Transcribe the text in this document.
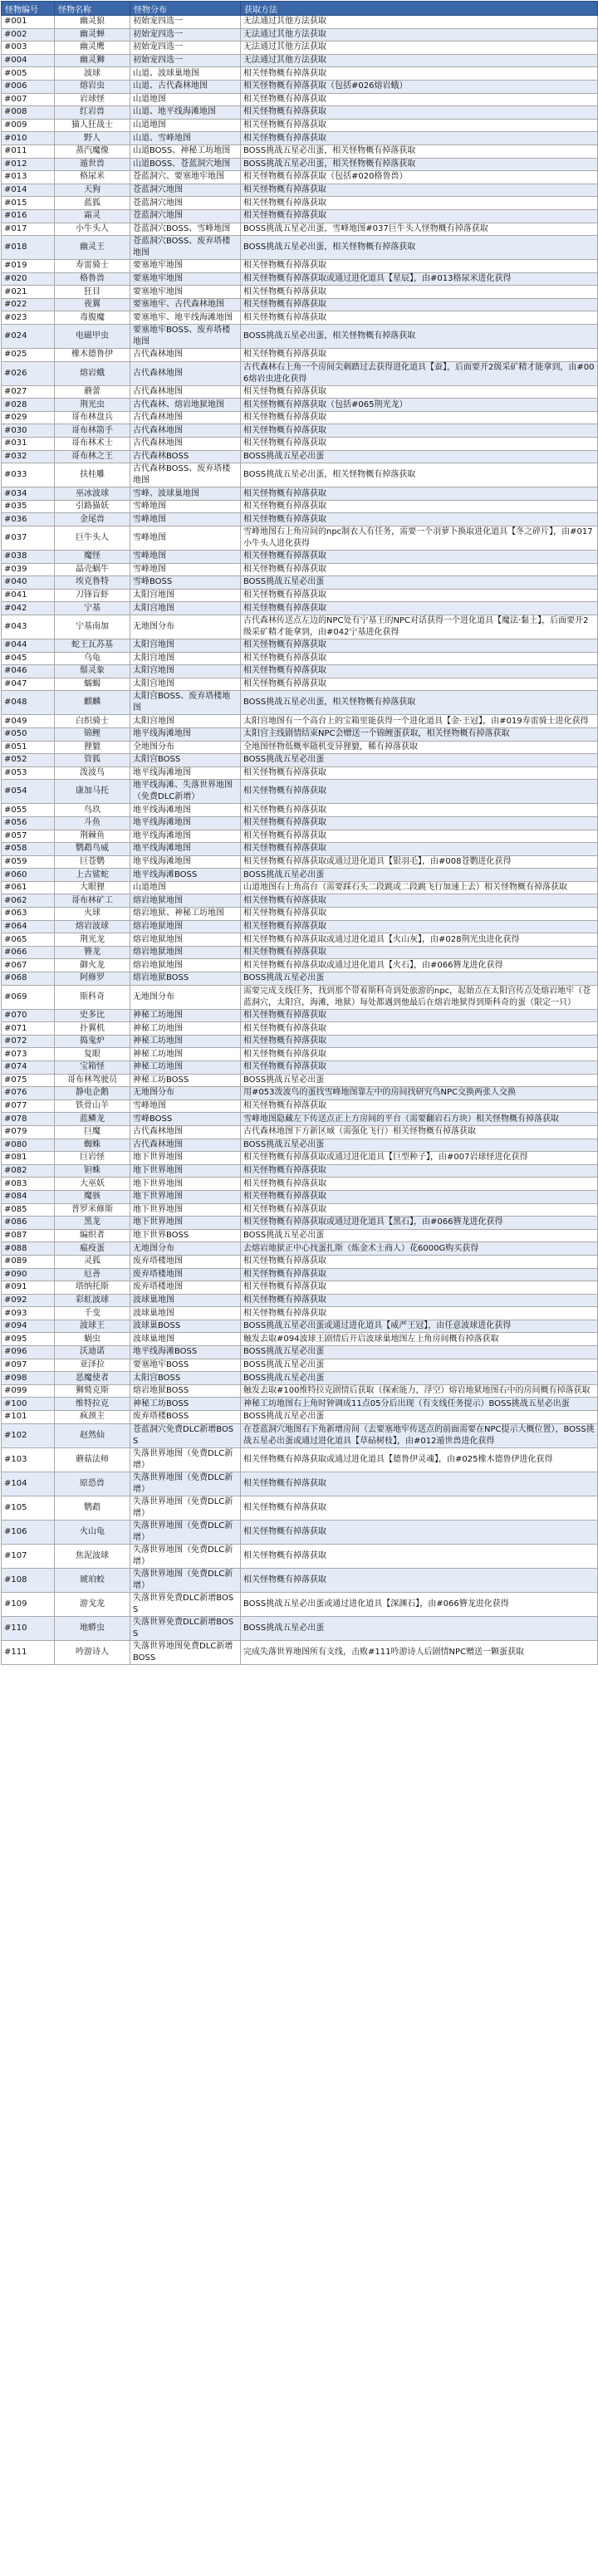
怪物编号	怪物名称	怪物分布	获取方法
#001	幽灵狼	初始宠四选一	无法通过其他方法获取
#002	幽灵蝉	初始宠四选一	无法通过其他方法获取
#003	幽灵鹰	初始宠四选一	无法通过其他方法获取
#004	幽灵狮	初始宠四选一	无法通过其他方法获取
#005	波球	山道、波球巢地图	相关怪物概有掉落获取
#006	熔岩虫	山道、古代森林地图	相关怪物概有掉落获取（包括#026熔岩蛾）
#007	岩球怪	山道地图	相关怪物概有掉落获取
#008	红岩兽	山道、地平线海滩地图	相关怪物概有掉落获取
#009	猫人狂战士	山道地图	相关怪物概有掉落获取
#010	野人	山道、雪峰地图	相关怪物概有掉落获取
#011	蒸汽魔像	山道BOSS、神秘工坊地图	BOSS挑战五星必出蛋，相关怪物概有掉落获取
#012	遁世兽	山道BOSS、苍蓝洞穴地图	BOSS挑战五星必出蛋，相关怪物概有掉落获取
#013	格尿米	苍蓝洞穴、要塞地牢地图	相关怪物概有掉落获取（包括#020格鲁兽）
#014	天狗	苍蓝洞穴地图	相关怪物概有掉落获取
#015	蓝狐	苍蓝洞穴地图	相关怪物概有掉落获取
#016	霜灵	苍蓝洞穴地图	相关怪物概有掉落获取
#017	小牛头人	苍蓝洞穴BOSS、雪峰地图	BOSS挑战五星必出蛋，雪峰地图#037巨牛头人怪物概有掉落获取
#018	幽灵王	苍蓝洞穴BOSS、废弃塔楼地图	BOSS挑战五星必出蛋，相关怪物概有掉落获取
#019	寿雷骑士	要塞地牢地图	相关怪物概有掉落获取
#020	格鲁兽	要塞地牢地图	相关怪物概有掉落获取或通过进化道具【星辰】，由#013格尿米进化获得
#021	狂目	要塞地牢地图	相关怪物概有掉落获取
#022	夜翼	要塞地牢、古代森林地图	相关怪物概有掉落获取
#023	毒腹魔	要塞地牢、地平线海滩地图	相关怪物概有掉落获取
#024	电磁甲虫	要塞地牢BOSS、废弃塔楼地图	BOSS挑战五星必出蛋，相关怪物概有掉落获取
#025	橡木德鲁伊	古代森林地图	相关怪物概有掉落获取
#026	熔岩蛾	古代森林地图	古代森林右上角一个房间尖刺踏过去获得进化道具【蚕】，后面要开2级采矿精才能拿到，由#006熔岩虫进化获得
#027	蘑蕾	古代森林地图	相关怪物概有掉落获取
#028	荆光虫	古代森林、熔岩地狱地图	相关怪物概有掉落获取（包括#065荆光龙）
#029	哥布林盘兵	古代森林地图	相关怪物概有掉落获取
#030	哥布林箭手	古代森林地图	相关怪物概有掉落获取
#031	哥布林术士	古代森林地图	相关怪物概有掉落获取
#032	哥布林之王	古代森林BOSS	BOSS挑战五星必出蛋
#033	扶桂雕	古代森林BOSS、废弃塔楼地图	BOSS挑战五星必出蛋，相关怪物概有掉落获取
#034	巫冰波球	雪峰、波球巢地图	相关怪物概有掉落获取
#035	引路猫妖	雪峰地图	相关怪物概有掉落获取
#036	金尾兽	雪峰地图	相关怪物概有掉落获取
#037	巨牛头人	雪峰地图	雪峰地图右上角房间的npc制衣人有任务，需要一个羽萝卜换取进化道具【冬之碎片】，由#017小牛头人进化获得
#038	魔怪	雪峰地图	相关怪物概有掉落获取
#039	晶壳蜗牛	雪峰地图	相关怪物概有掉落获取
#040	埃克鲁特	雪峰BOSS	BOSS挑战五星必出蛋
#041	刀锋盲虾	太阳宫地图	相关怪物概有掉落获取
#042	宁基	太阳宫地图	相关怪物概有掉落获取
#043	宁基南加	无地图分布	古代森林传送点左边的NPC处有宁基王的NPC对话获得一个进化道具【魔法·黏土】，后面要开2级采矿精才能拿到，由#042宁基进化获得
#044	蛇王瓦苏基	太阳宫地图	相关怪物概有掉落获取
#045	乌龟	太阳宫地图	相关怪物概有掉落获取
#046	鬃灵象	太阳宫地图	相关怪物概有掉落获取
#047	蠕蝎	太阳宫地图	相关怪物概有掉落获取
#048	麒麟	太阳宫BOSS、废弃塔楼地图	BOSS挑战五星必出蛋，相关怪物概有掉落获取
#049	白织骑士	太阳宫地图	太阳宫地图有一个高台上的宝箱里能获得一个进化道具【金·王冠】，由#019寿雷骑士进化获得
#050	锦鲤	地平线海滩地图	太阳宫主线剧情结束NPC会赠送一个锦鲤蛋获取，相关怪物概有掉落获取
#051	狸貔	全地图分布	全地图怪物低概率随机变异狸貔，稀有掉落获取
#052	管狐	太阳宫BOSS	BOSS挑战五星必出蛋
#053	泼波鸟	地平线海滩地图	相关怪物概有掉落获取
#054	康加马托	地平线海滩、失落世界地图（免费DLC新增）	相关怪物概有掉落获取
#055	鸟玖	地平线海滩地图	相关怪物概有掉落获取
#056	斗鱼	地平线海滩地图	相关怪物概有掉落获取
#057	荆棘鱼	地平线海滩地图	相关怪物概有掉落获取
#058	鹦鹉鸟威	地平线海滩地图	相关怪物概有掉落获取
#059	巨苍鹦	地平线海滩地图	相关怪物概有掉落获取或通过进化道具【银羽毛】，由#008苍鹦进化获得
#060	上古鲨蛇	地平线海滩BOSS	BOSS挑战五星必出蛋
#061	大眼狸	山道地图	山道地图右上角高台（需要踩石头二段跳或二段跳飞行加速上去）相关怪物概有掉落获取
#062	哥布林矿工	熔岩地狱地图	相关怪物概有掉落获取
#063	火球	熔岩地狱、神秘工坊地图	相关怪物概有掉落获取
#064	熔岩波球	熔岩地狱地图	相关怪物概有掉落获取
#065	荆光龙	熔岩地狱地图	相关怪物概有掉落获取或通过进化道具【火山灰】，由#028荆光虫进化获得
#066	簪龙	熔岩地狱地图	相关怪物概有掉落获取
#067	御火龙	熔岩地狱地图	相关怪物概有掉落获取或通过进化道具【火石】，由#066簪龙进化获得
#068	阿修罗	熔岩地狱BOSS	BOSS挑战五星必出蛋
#069	斯科奇	无地图分布	需要完成支线任务，找到那个带着斯科奇到处旅游的npc，起始点在太阳宫传点处熔岩地牢（苍蓝洞穴，太阳宫，海滩，地狱）每处都遇到他最后在熔岩地狱得到斯科奇的蛋（限定一只）
#070	史多比	神秘工坊地图	相关怪物概有掉落获取
#071	扑翼机	神秘工坊地图	相关怪物概有掉落获取
#072	捣鬼炉	神秘工坊地图	相关怪物概有掉落获取
#073	复眼	神秘工坊地图	相关怪物概有掉落获取
#074	宝箱怪	神秘工坊地图	相关怪物概有掉落获取
#075	哥布林驾驶员	神秘工坊BOSS	BOSS挑战五星必出蛋
#076	静电企鹅	无地图分布	用#053泼波鸟的蛋找雪峰地图靠左中的房间找研究鸟NPC交换两张人交换
#077	铁骨山羊	雪峰地图	相关怪物概有掉落获取
#078	蓝鳞龙	雪峰BOSS	雪峰地图隐藏左下传送点正上方房间的平台（需要翻岩石方块）相关怪物概有掉落获取
#079	巨魔	古代森林地图	古代森林地图下方新区域（需强化飞行）相关怪物概有掉落获取
#080	蜘蛛	古代森林地图	BOSS挑战五星必出蛋
#081	巨岩怪	地下世界地图	相关怪物概有掉落获取或通过进化道具【巨型种子】，由#007岩球怪进化获得
#082	钽蛛	地下世界地图	相关怪物概有掉落获取
#083	大巫妖	地下世界地图	相关怪物概有掉落获取
#084	魔骇	地下世界地图	相关怪物概有掉落获取
#085	普罗米修斯	地下世界地图	相关怪物概有掉落获取
#086	黑龙	地下世界地图	相关怪物概有掉落获取或通过进化道具【黑石】，由#066簪龙进化获得
#087	编织者	地下世界BOSS	BOSS挑战五星必出蛋
#088	瘟疫蛋	无地图分布	去熔岩地狱正中心找蛋扎斯（炼金术士商人）花6000G购买获得
#089	灵狐	废弃塔楼地图	相关怪物概有掉落获取
#090	厄善	废弃塔楼地图	相关怪物概有掉落获取
#091	塔纳托斯	废弃塔楼地图	相关怪物概有掉落获取
#092	彩虹波球	波球巢地图	相关怪物概有掉落获取
#093	千变	波球巢地图	相关怪物概有掉落获取
#094	波球王	波球巢BOSS	BOSS挑战五星必出蛋或通过进化道具【威严王冠】，由任意波球进化获得
#095	蜗虫	波球巢地图	触发去取#094波球王剧情后开启波球巢地图左上角房间概有掉落获取
#096	沃迪诺	地平线海滩BOSS	BOSS挑战五星必出蛋
#097	亚泽拉	要塞地牢BOSS	BOSS挑战五星必出蛋
#098	恶魔使者	太阳宫BOSS	BOSS挑战五星必出蛋
#099	狮鹫克斯	熔岩地狱BOSS	触发去取#100维特拉克剧情后获取（探索能力，浮空）熔岩地狱地图右中的房间概有掉落获取
#100	维特拉克	神秘工坊BOSS	神秘工坊地图右上角时钟调成11点05分后出现（有支线任务提示）BOSS挑战五星必出蛋
#101	疯颈主	废弃塔楼BOSS	BOSS挑战五星必出蛋
#102	赵然仙	苍蓝洞穴免费DLC新增BOSS	在苍蓝洞穴地图右下角新增房间（去要塞地牢传送点的前面需要在NPC提示大概位置），BOSS挑战五星必出蛋或通过进化道具【草砧树枝】，由#012遁世兽进化获得
#103	蘑菇法师	失落世界地图（免费DLC新增）	相关怪物概有掉落获取或通过进化道具【德鲁伊灵魂】，由#025橡木德鲁伊进化获得
#104	原恐兽	失落世界地图（免费DLC新增）	相关怪物概有掉落获取
#105	鹦鹉	失落世界地图（免费DLC新增）	相关怪物概有掉落获取
#106	火山龟	失落世界地图（免费DLC新增）	相关怪物概有掉落获取
#107	焦泥波球	失落世界地图（免费DLC新增）	相关怪物概有掉落获取
#108	琥珀蛟	失落世界地图（免费DLC新增）	相关怪物概有掉落获取
#109	游戈龙	失落世界免费DLC新增BOSS	BOSS挑战五星必出蛋或通过进化道具【深渊石】，由#066簪龙进化获得
#110	地蟒虫	失落世界免费DLC新增BOSS	BOSS挑战五星必出蛋
#111	吟游诗人	失落世界地图免费DLC新增BOSS	完成失落世界地图所有支线，击败#111吟游诗人后剧情NPC赠送一颗蛋获取
